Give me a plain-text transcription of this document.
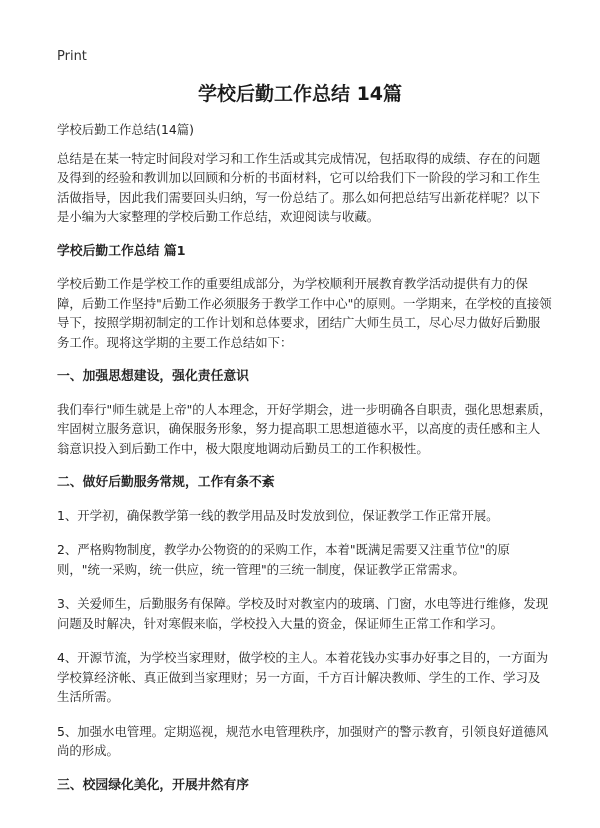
Print
学校后勤工作总结 14篇

学校后勤工作总结(14篇)

总结是在某一特定时间段对学习和工作生活或其完成情况，包括取得的成绩、存在的问题及得到的经验和教训加以回顾和分析的书面材料，它可以给我们下一阶段的学习和工作生活做指导，因此我们需要回头归纳，写一份总结了。那么如何把总结写出新花样呢？以下是小编为大家整理的学校后勤工作总结，欢迎阅读与收藏。

学校后勤工作总结 篇1

学校后勤工作是学校工作的重要组成部分，为学校顺利开展教育教学活动提供有力的保障，后勤工作坚持"后勤工作必须服务于教学工作中心"的原则。一学期来，在学校的直接领导下，按照学期初制定的工作计划和总体要求，团结广大师生员工，尽心尽力做好后勤服务工作。现将这学期的主要工作总结如下：

一、加强思想建设，强化责任意识

我们奉行"师生就是上帝"的人本理念，开好学期会，进一步明确各自职责，强化思想素质，牢固树立服务意识，确保服务形象，努力提高职工思想道德水平，以高度的责任感和主人翁意识投入到后勤工作中，极大限度地调动后勤员工的工作积极性。

二、做好后勤服务常规，工作有条不紊

1、开学初，确保教学第一线的教学用品及时发放到位，保证教学工作正常开展。

2、严格购物制度，教学办公物资的的采购工作，本着"既满足需要又注重节位"的原则，"统一采购，统一供应，统一管理"的三统一制度，保证教学正常需求。

3、关爱师生，后勤服务有保障。学校及时对教室内的玻璃、门窗，水电等进行维修，发现问题及时解决，针对寒假来临，学校投入大量的资金，保证师生正常工作和学习。

4、开源节流，为学校当家理财，做学校的主人。本着花钱办实事办好事之目的，一方面为学校算经济帐、真正做到当家理财；另一方面，千方百计解决教师、学生的工作、学习及生活所需。

5、加强水电管理。定期巡视，规范水电管理秩序，加强财产的警示教育，引领良好道德风尚的形成。

三、校园绿化美化，开展井然有序
